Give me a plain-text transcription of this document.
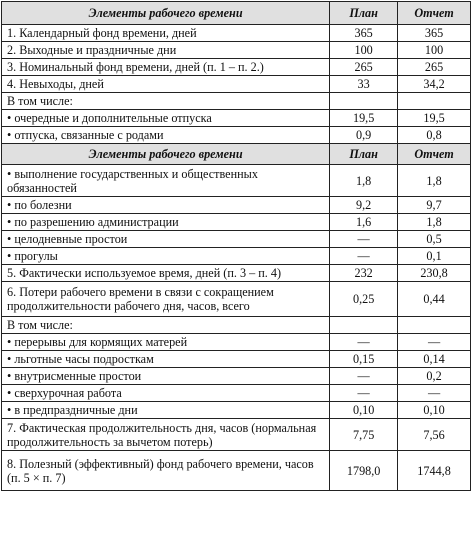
Элементы рабочего времени	План	Отчет
1. Календарный фонд времени, дней	365	365
2. Выходные и праздничные дни	100	100
3. Номинальный фонд времени, дней (п. 1 – п. 2.)	265	265
4. Невыходы, дней	33	34,2
В том числе:		
• очередные и дополнительные отпуска	19,5	19,5
• отпуска, связанные с родами	0,9	0,8
Элементы рабочего времени	План	Отчет
• выполнение государственных и общественных обязанностей	1,8	1,8
• по болезни	9,2	9,7
• по разрешению администрации	1,6	1,8
• целодневные простои	—	0,5
• прогулы	—	0,1
5. Фактически используемое время, дней (п. 3 – п. 4)	232	230,8
6. Потери рабочего времени в связи с сокращением продолжительности рабочего дня, часов, всего	0,25	0,44
В том числе:		
• перерывы для кормящих матерей	—	—
• льготные часы подросткам	0,15	0,14
• внутрисменные простои	—	0,2
• сверхурочная работа	—	—
• в предпраздничные дни	0,10	0,10
7. Фактическая продолжительность дня, часов (нормальная продолжительность за вычетом потерь)	7,75	7,56
8. Полезный (эффективный) фонд рабочего времени, часов (п. 5 × п. 7)	1798,0	1744,8
